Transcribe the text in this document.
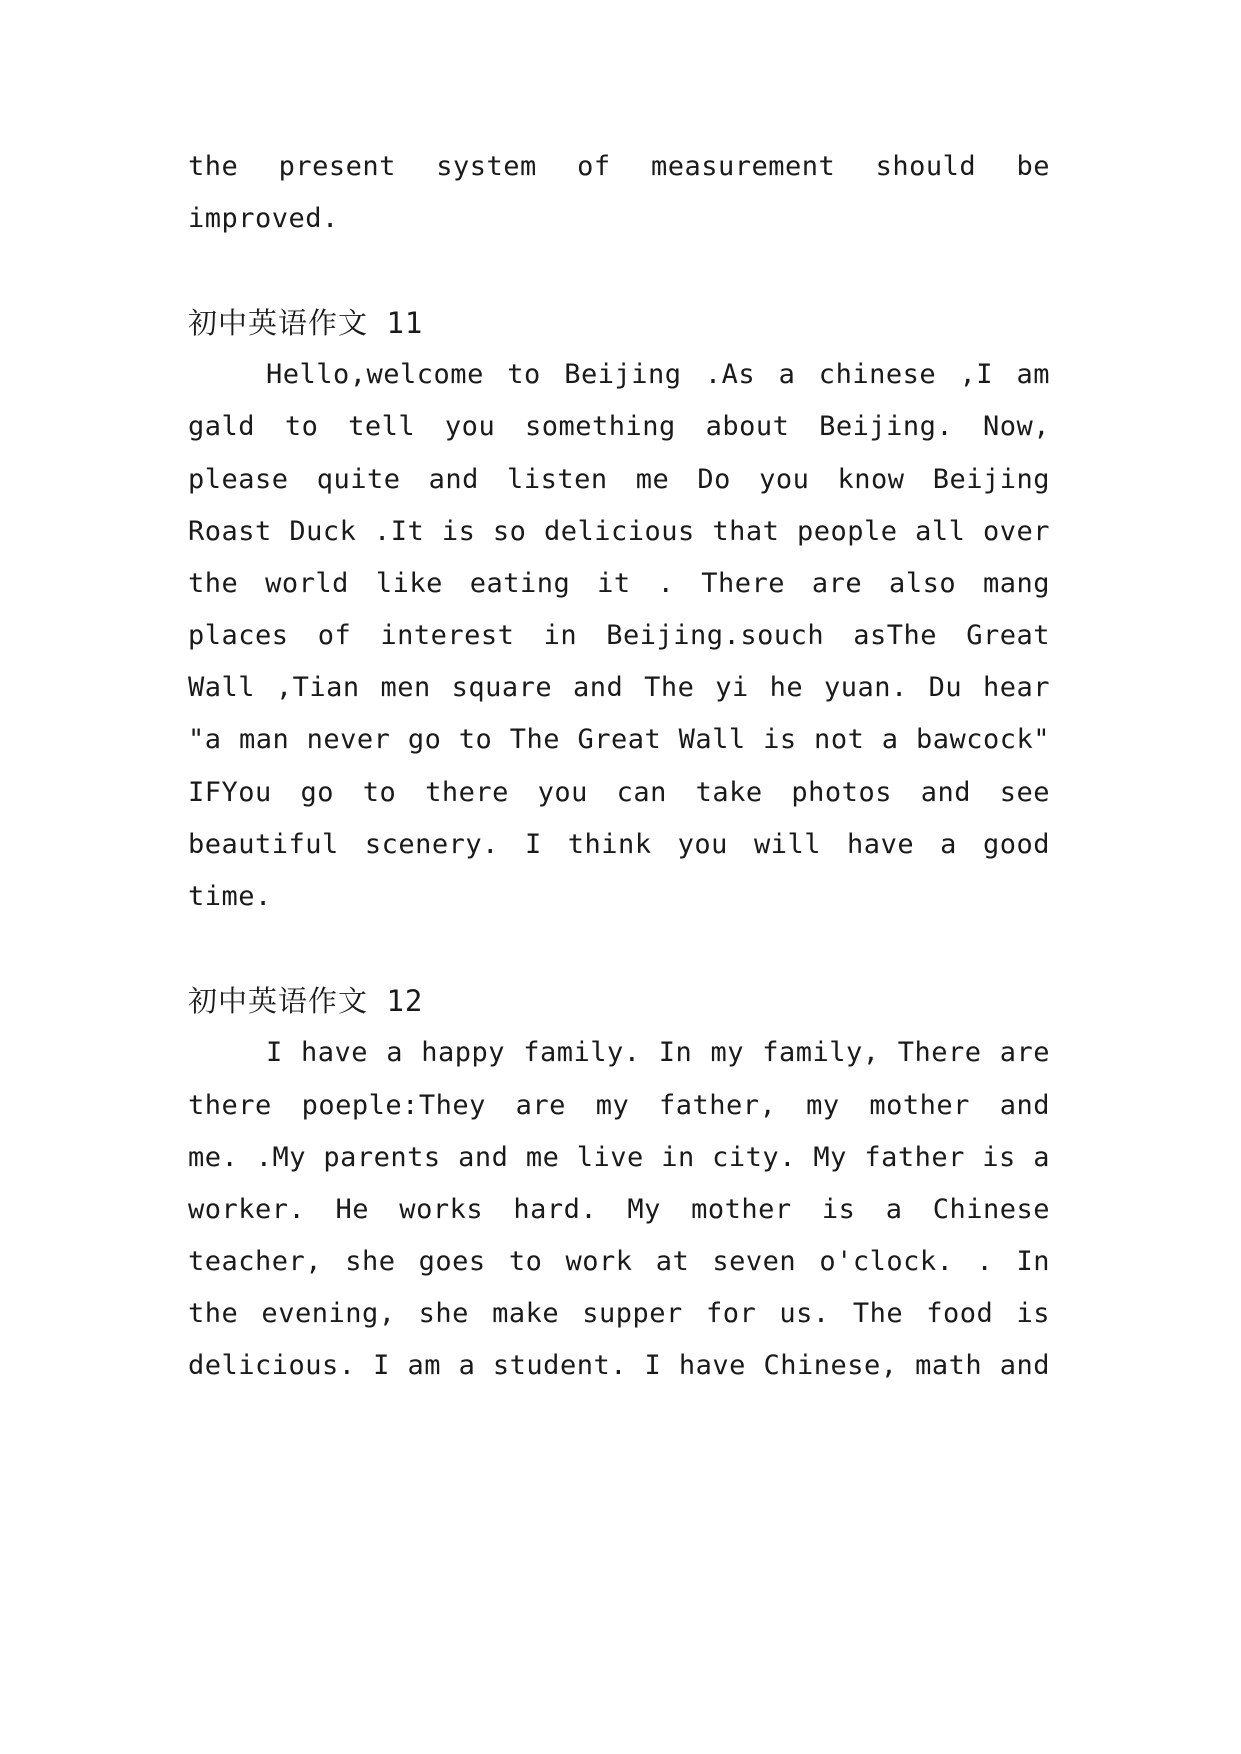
the present system of measurement should be
improved.
初中英语作文 11
Hello,welcome to Beijing .As a chinese ,I am
gald to tell you something about Beijing. Now,
please quite and listen me Do you know Beijing
Roast Duck .It is so delicious that people all over
the world like eating it . There are also mang
places of interest in Beijing.souch asThe Great
Wall ,Tian men square and The yi he yuan. Du hear
"a man never go to The Great Wall is not a bawcock"
IFYou go to there you can take photos and see
beautiful scenery. I think you will have a good
time.
初中英语作文 12
I have a happy family. In my family, There are
there poeple:They are my father, my mother and
me. .My parents and me live in city. My father is a
worker. He works hard. My mother is a Chinese
teacher, she goes to work at seven o'clock. . In
the evening, she make supper for us. The food is
delicious. I am a student. I have Chinese, math and
